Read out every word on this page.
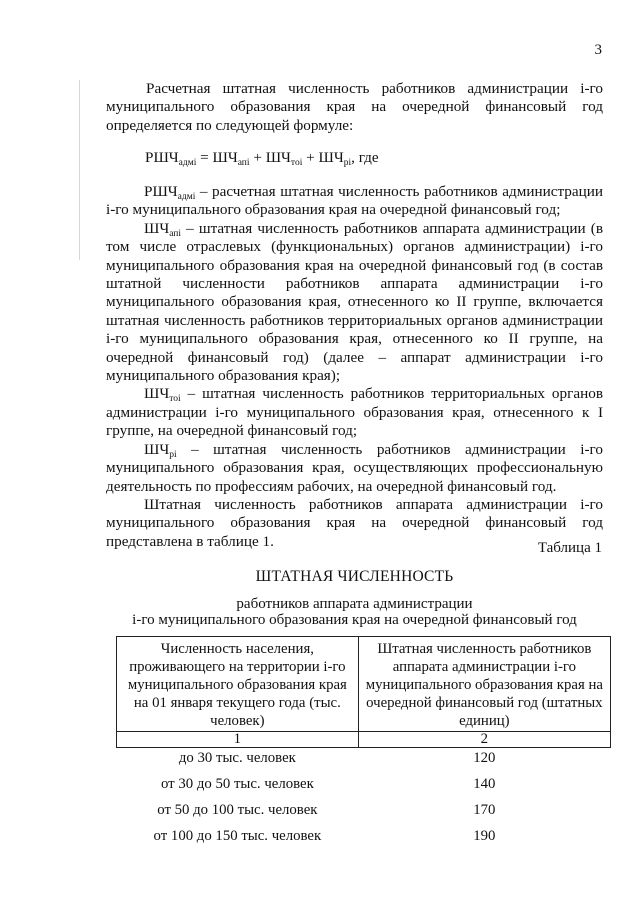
3

Расчетная штатная численность работников администрации i-го муниципального образования края на очередной финансовый год определяется по следующей формуле:

$РШЧ_{адмi} = ШЧ_{апi} + ШЧ_{тоi} + ШЧ_{рi}$, где

$РШЧ_{адмi}$ – расчетная штатная численность работников администрации i-го муниципального образования края на очередной финансовый год;

$ШЧ_{апi}$ – штатная численность работников аппарата администрации (в том числе отраслевых (функциональных) органов администрации) i-го муниципального образования края на очередной финансовый год (в состав штатной численности работников аппарата администрации i-го муниципального образования края, отнесенного ко II группе, включается штатная численность работников территориальных органов администрации i-го муниципального образования края, отнесенного ко II группе, на очередной финансовый год) (далее – аппарат администрации i-го муниципального образования края);

$ШЧ_{тоi}$ – штатная численность работников территориальных органов администрации i-го муниципального образования края, отнесенного к I группе, на очередной финансовый год;

$ШЧ_{рi}$ – штатная численность работников администрации i-го муниципального образования края, осуществляющих профессиональную деятельность по профессиям рабочих, на очередной финансовый год.

Штатная численность работников аппарата администрации i-го муниципального образования края на очередной финансовый год представлена в таблице 1.	Таблица 1
ШТАТНАЯ ЧИСЛЕННОСТЬ
работников аппарата администрации
i-го муниципального образования края на очередной финансовый год
Численность населения, проживающего на территории i-го муниципального образования края на 01 января текущего года (тыс. человек)	Штатная численность работников аппарата администрации i-го муниципального образования края на очередной финансовый год (штатных единиц)
1	2
до 30 тыс. человек	120
от 30 до 50 тыс. человек	140
от 50 до 100 тыс. человек	170
от 100 до 150 тыс. человек	190
